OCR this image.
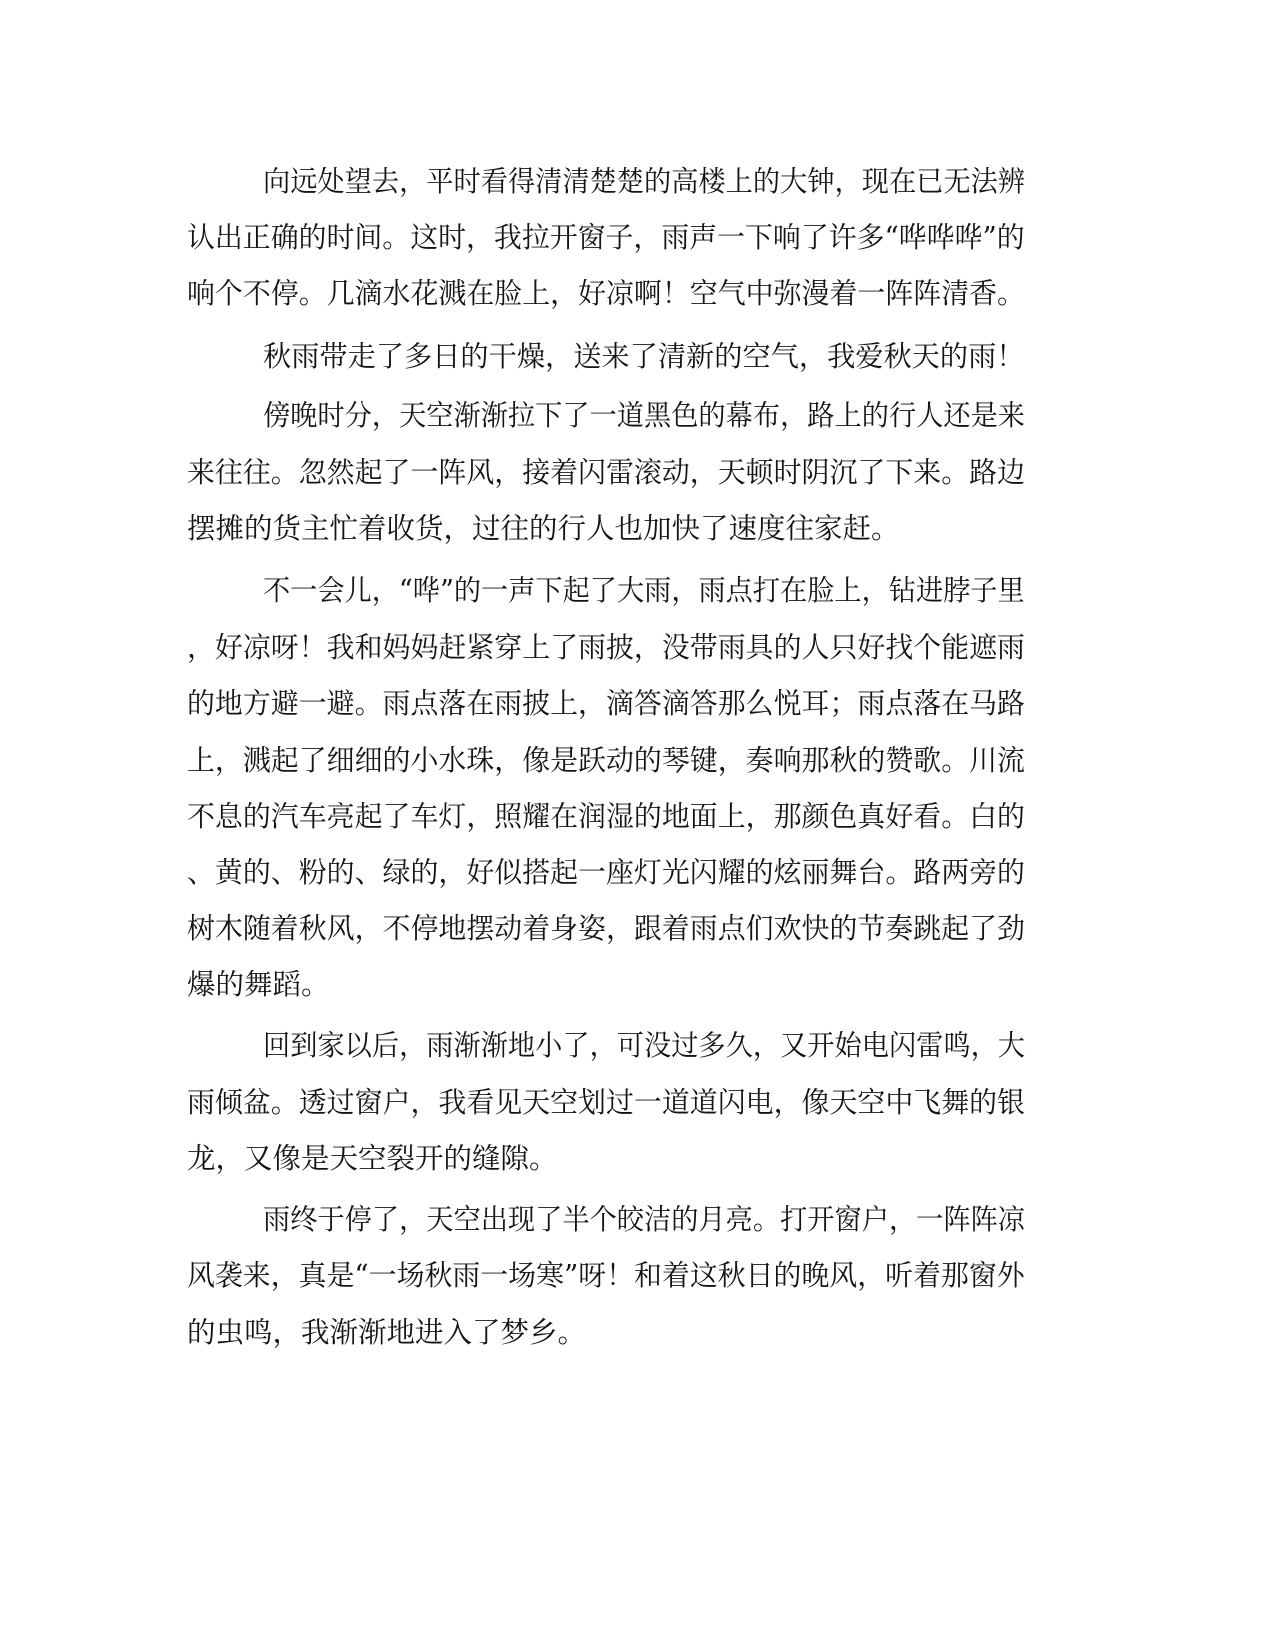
向远处望去，平时看得清清楚楚的高楼上的大钟，现在已无法辨

认出正确的时间。这时，我拉开窗子，雨声一下响了许多“哗哗哗”的

响个不停。几滴水花溅在脸上，好凉啊！空气中弥漫着一阵阵清香。

秋雨带走了多日的干燥，送来了清新的空气，我爱秋天的雨！

傍晚时分，天空渐渐拉下了一道黑色的幕布，路上的行人还是来

来往往。忽然起了一阵风，接着闪雷滚动，天顿时阴沉了下来。路边

摆摊的货主忙着收货，过往的行人也加快了速度往家赶。

不一会儿，“哗”的一声下起了大雨，雨点打在脸上，钻进脖子里

，好凉呀！我和妈妈赶紧穿上了雨披，没带雨具的人只好找个能遮雨

的地方避一避。雨点落在雨披上，滴答滴答那么悦耳；雨点落在马路

上，溅起了细细的小水珠，像是跃动的琴键，奏响那秋的赞歌。川流

不息的汽车亮起了车灯，照耀在润湿的地面上，那颜色真好看。白的

、黄的、粉的、绿的，好似搭起一座灯光闪耀的炫丽舞台。路两旁的

树木随着秋风，不停地摆动着身姿，跟着雨点们欢快的节奏跳起了劲

爆的舞蹈。

回到家以后，雨渐渐地小了，可没过多久，又开始电闪雷鸣，大

雨倾盆。透过窗户，我看见天空划过一道道闪电，像天空中飞舞的银

龙，又像是天空裂开的缝隙。

雨终于停了，天空出现了半个皎洁的月亮。打开窗户，一阵阵凉

风袭来，真是“一场秋雨一场寒”呀！和着这秋日的晚风，听着那窗外

的虫鸣，我渐渐地进入了梦乡。
